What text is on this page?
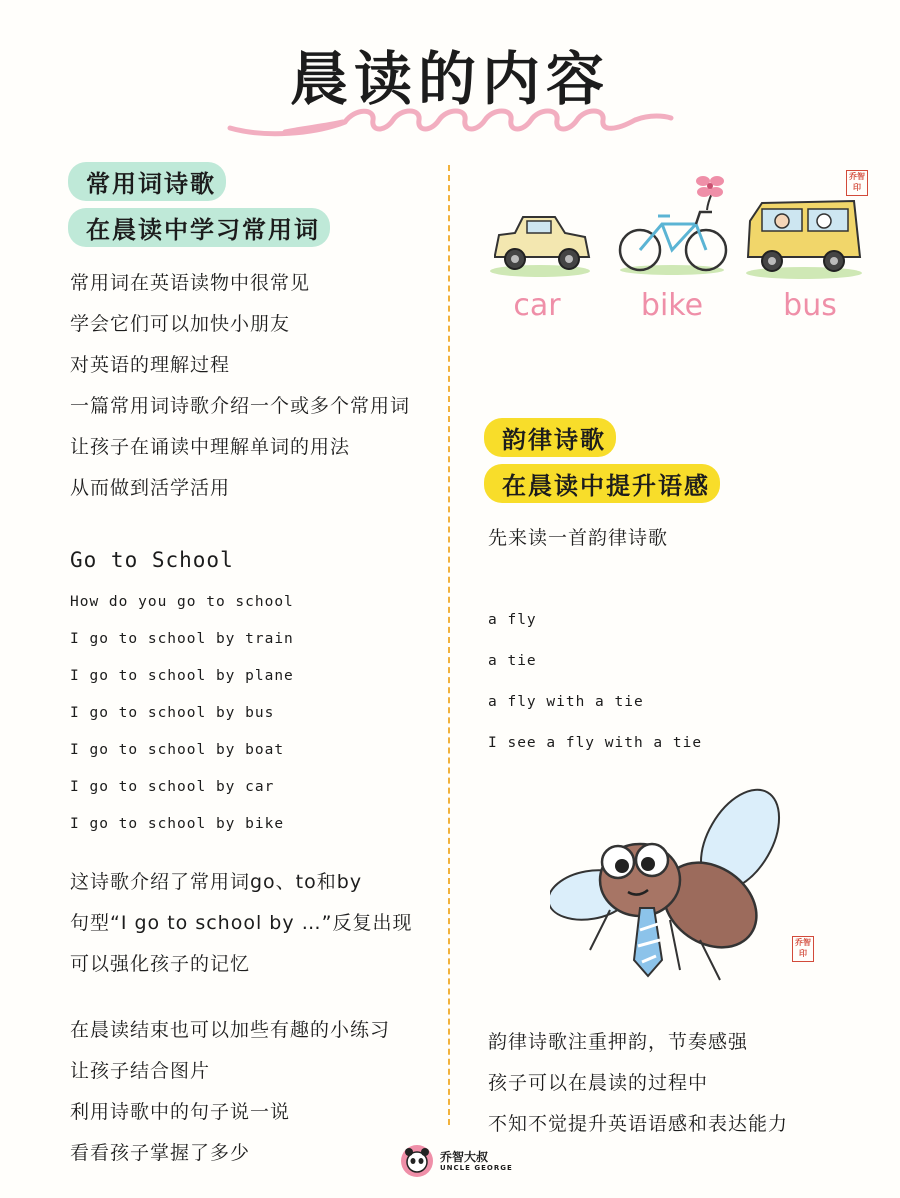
晨读的内容
常用词诗歌
在晨读中学习常用词
常用词在英语读物中很常见
学会它们可以加快小朋友
对英语的理解过程
一篇常用词诗歌介绍一个或多个常用词
让孩子在诵读中理解单词的用法
从而做到活学活用
Go to School
How do you go to school
I go to school by train
I go to school by plane
I go to school by bus
I go to school by boat
I go to school by car
I go to school by bike
这诗歌介绍了常用词go、to和by
句型“I go to school by …”反复出现
可以强化孩子的记忆
在晨读结束也可以加些有趣的小练习
让孩子结合图片
利用诗歌中的句子说一说
看看孩子掌握了多少
乔智
印
car	bike	bus
韵律诗歌
在晨读中提升语感
先来读一首韵律诗歌
a fly
a tie
a fly with a tie
I see a fly with a tie
乔智
印
韵律诗歌注重押韵，节奏感强
孩子可以在晨读的过程中
不知不觉提升英语语感和表达能力
乔智大叔
UNCLE GEORGE
